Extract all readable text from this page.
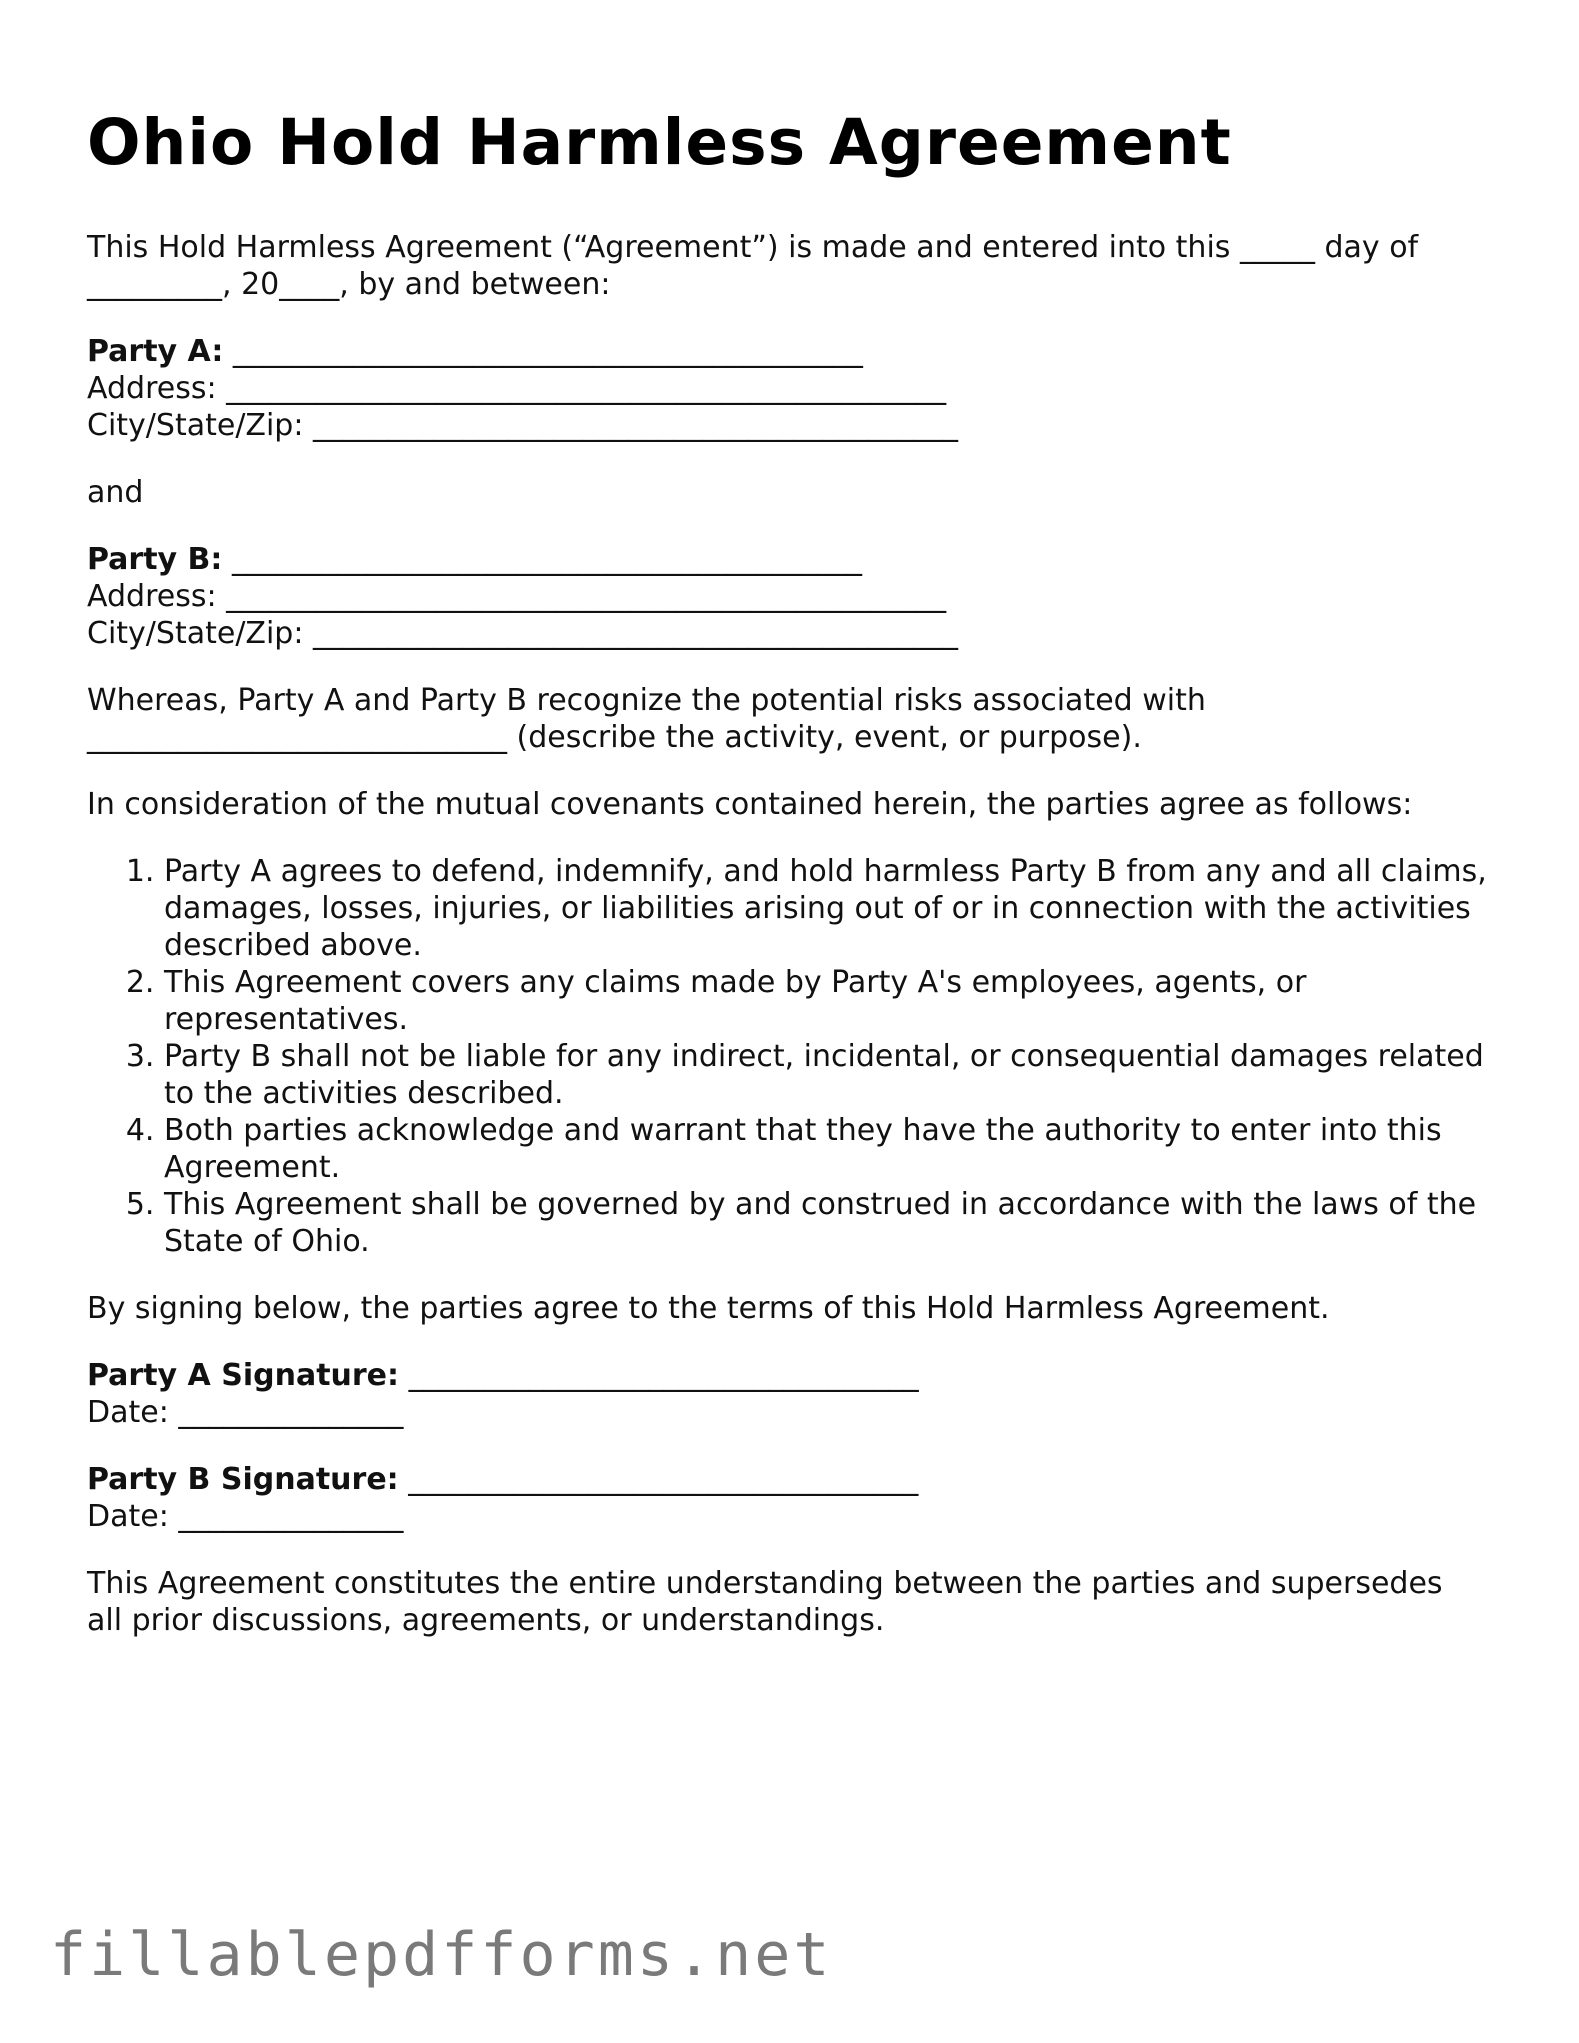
Ohio Hold Harmless Agreement

This Hold Harmless Agreement (“Agreement”) is made and entered into this _____ day of

_________, 20____, by and between:

Party A: __________________________________________

Address: ________________________________________________

City/State/Zip: ___________________________________________

and

Party B: __________________________________________

Address: ________________________________________________

City/State/Zip: ___________________________________________

Whereas, Party A and Party B recognize the potential risks associated with

____________________________ (describe the activity, event, or purpose).

In consideration of the mutual covenants contained herein, the parties agree as follows:

1. Party A agrees to defend, indemnify, and hold harmless Party B from any and all claims, damages, losses, injuries, or liabilities arising out of or in connection with the activities described above.
2. This Agreement covers any claims made by Party A's employees, agents, or representatives.
3. Party B shall not be liable for any indirect, incidental, or consequential damages related to the activities described.
4. Both parties acknowledge and warrant that they have the authority to enter into this Agreement.
5. This Agreement shall be governed by and construed in accordance with the laws of the State of Ohio.

By signing below, the parties agree to the terms of this Hold Harmless Agreement.

Party A Signature: __________________________________

Date: _______________

Party B Signature: __________________________________

Date: _______________

This Agreement constitutes the entire understanding between the parties and supersedes

all prior discussions, agreements, or understandings.

fillablepdfforms.net
